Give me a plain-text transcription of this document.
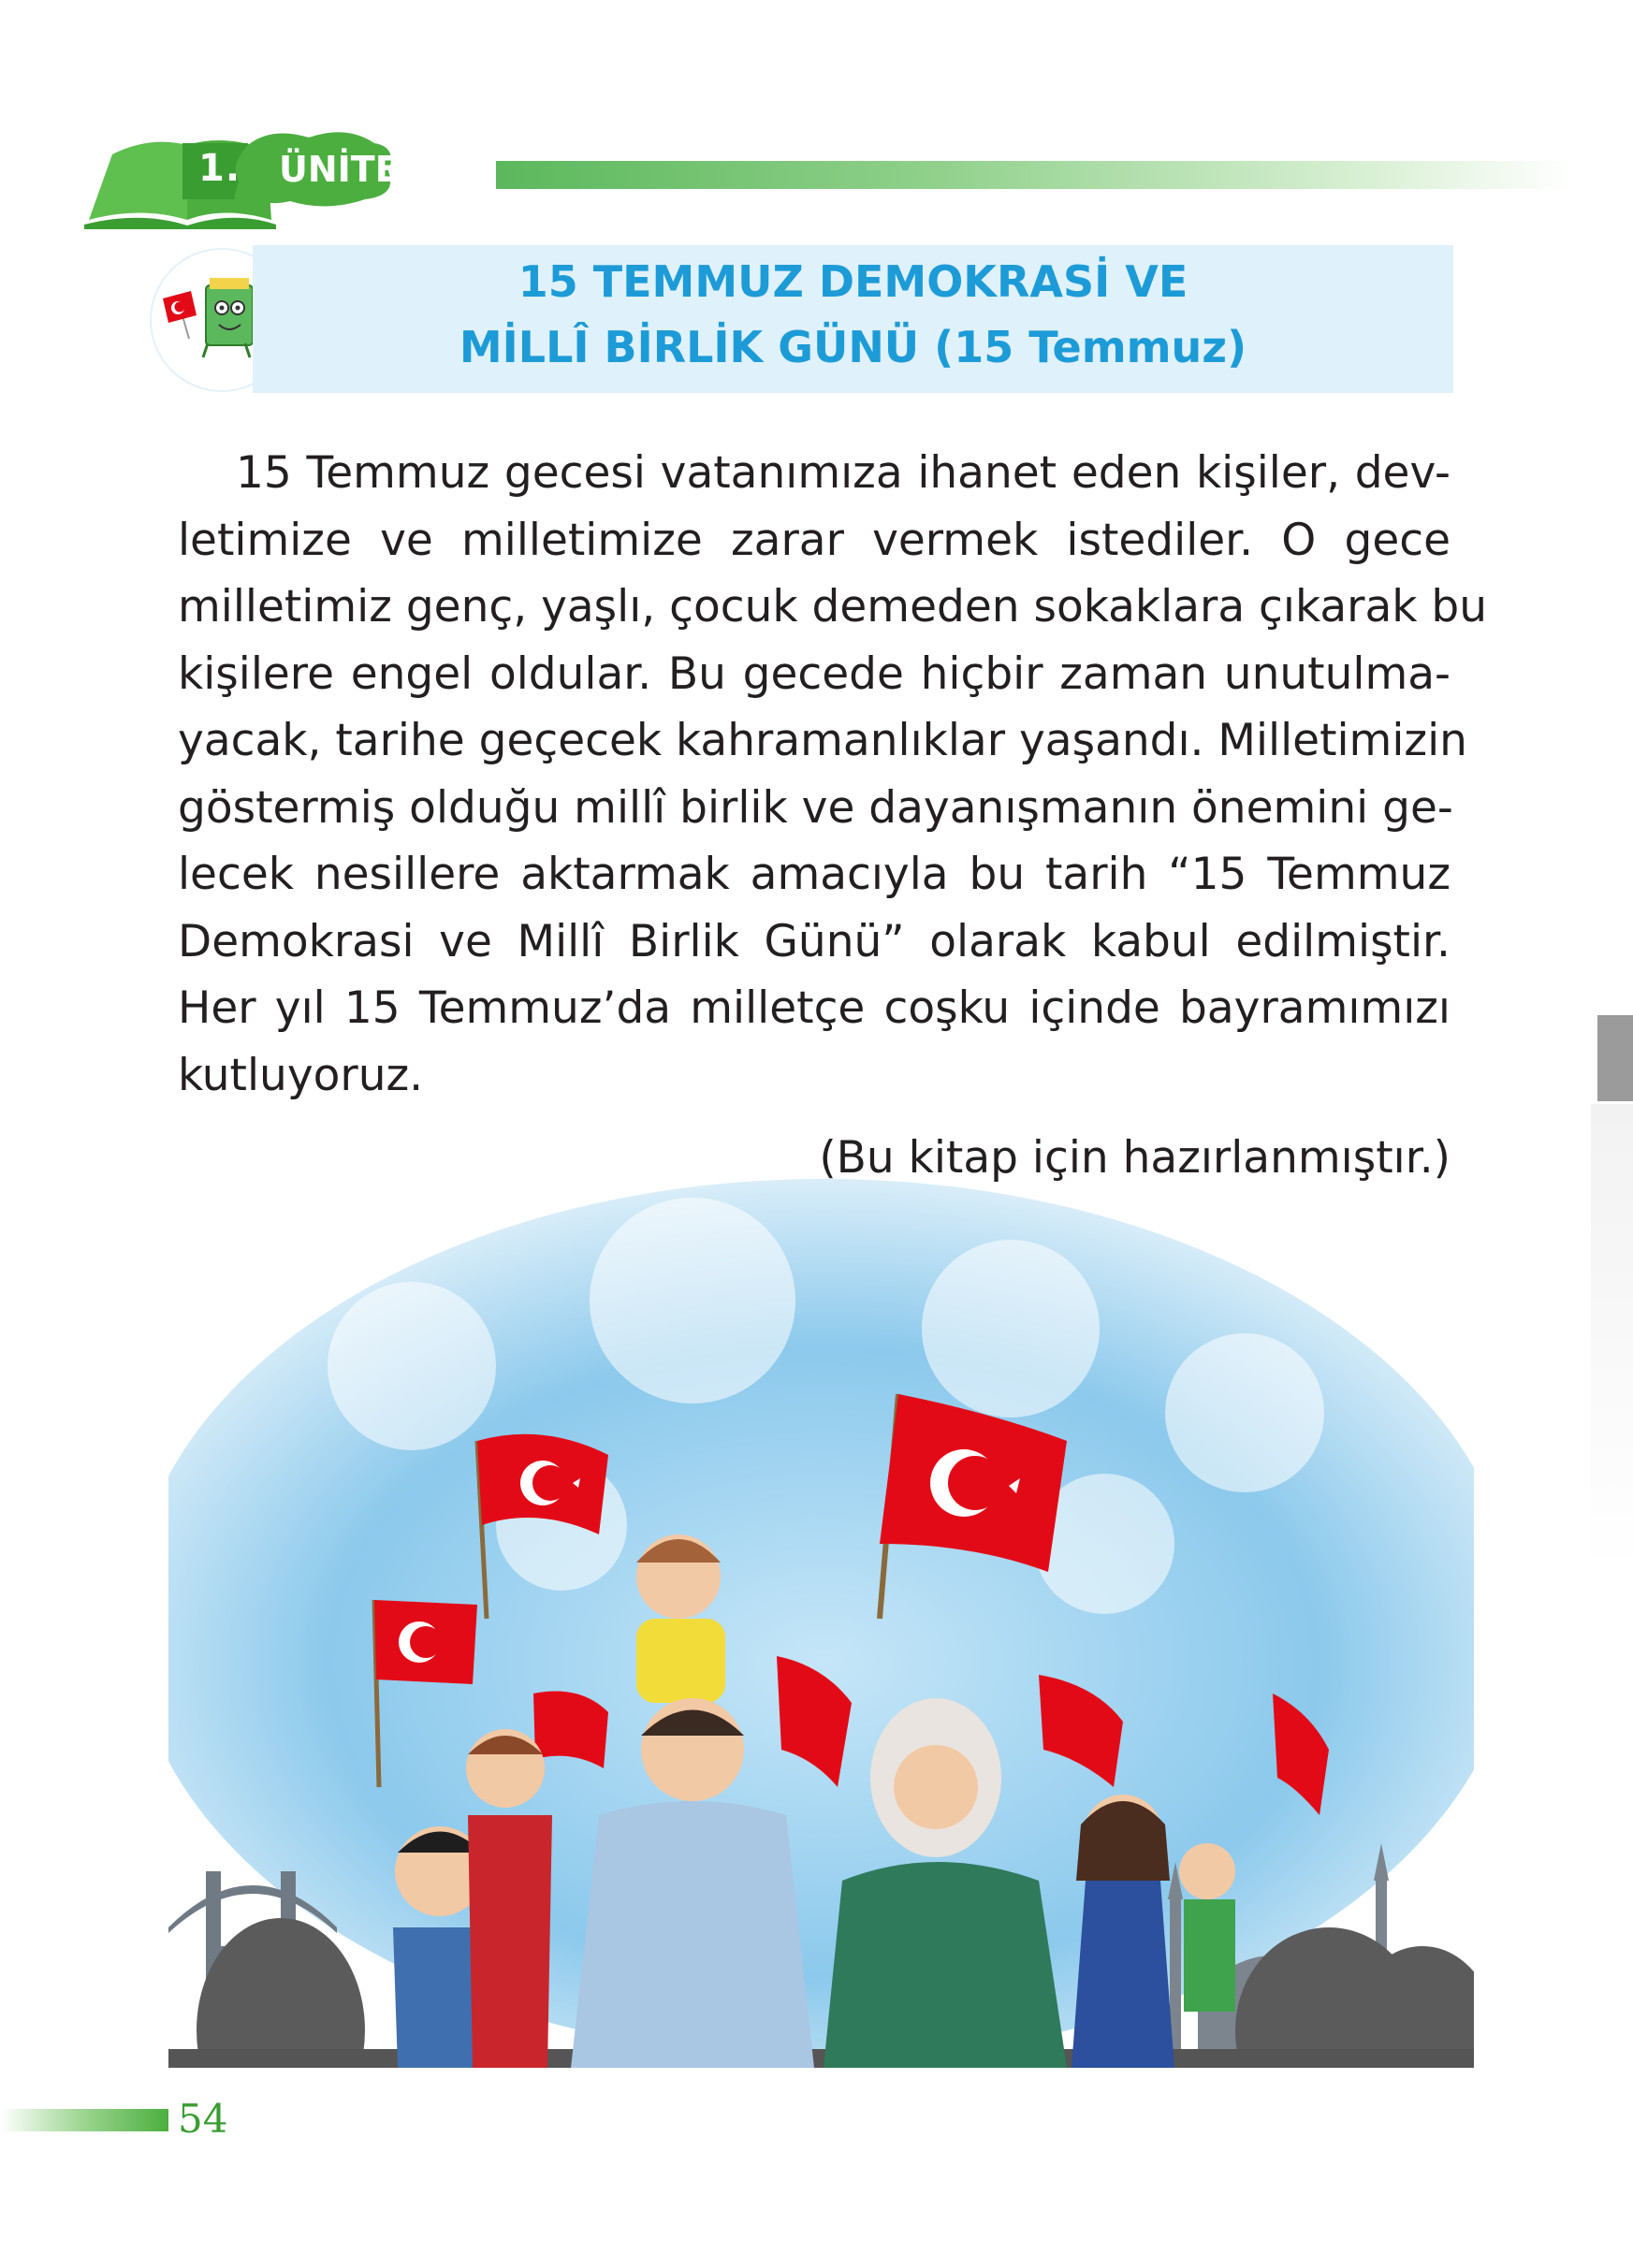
1. ÜNİTE
15 TEMMUZ DEMOKRASİ VE
MİLLÎ BİRLİK GÜNÜ (15 Temmuz)
15 Temmuz gecesi vatanımıza ihanet eden kişiler, dev-
letimize ve milletimize zarar vermek istediler. O gece
milletimiz genç, yaşlı, çocuk demeden sokaklara çıkarak bu
kişilere engel oldular. Bu gecede hiçbir zaman unutulma-
yacak, tarihe geçecek kahramanlıklar yaşandı. Milletimizin
göstermiş olduğu millî birlik ve dayanışmanın önemini ge-
lecek nesillere aktarmak amacıyla bu tarih “15 Temmuz
Demokrasi ve Millî Birlik Günü” olarak kabul edilmiştir.
Her yıl 15 Temmuz’da milletçe coşku içinde bayramımızı
kutluyoruz.
(Bu kitap için hazırlanmıştır.)
54
